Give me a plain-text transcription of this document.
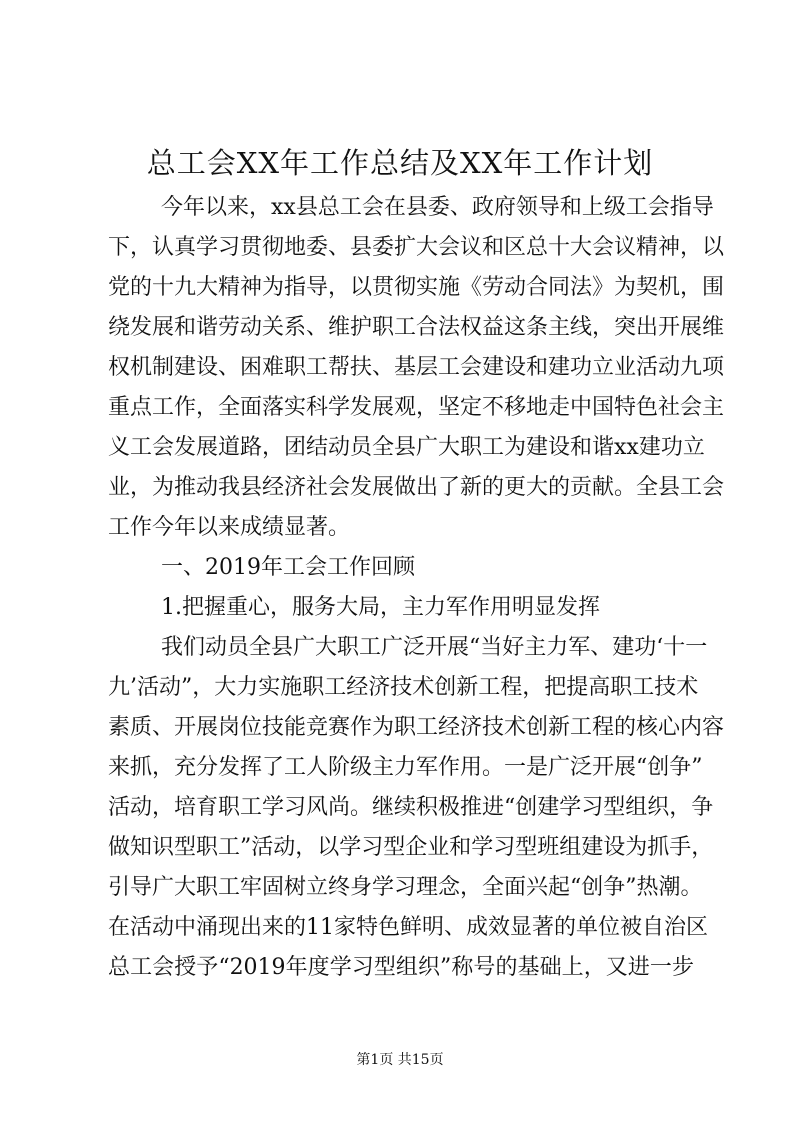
总工会XX年工作总结及XX年工作计划
今年以来，xx县总工会在县委、政府领导和上级工会指导
下，认真学习贯彻地委、县委扩大会议和区总十大会议精神，以
党的十九大精神为指导，以贯彻实施《劳动合同法》为契机，围
绕发展和谐劳动关系、维护职工合法权益这条主线，突出开展维
权机制建设、困难职工帮扶、基层工会建设和建功立业活动九项
重点工作，全面落实科学发展观，坚定不移地走中国特色社会主
义工会发展道路，团结动员全县广大职工为建设和谐xx建功立
业，为推动我县经济社会发展做出了新的更大的贡献。全县工会
工作今年以来成绩显著。
一、2019年工会工作回顾
1.把握重心，服务大局，主力军作用明显发挥
我们动员全县广大职工广泛开展“当好主力军、建功‘十一
九’活动”，大力实施职工经济技术创新工程，把提高职工技术
素质、开展岗位技能竞赛作为职工经济技术创新工程的核心内容
来抓，充分发挥了工人阶级主力军作用。一是广泛开展“创争”
活动，培育职工学习风尚。继续积极推进“创建学习型组织，争
做知识型职工”活动，以学习型企业和学习型班组建设为抓手，
引导广大职工牢固树立终身学习理念，全面兴起“创争”热潮。
在活动中涌现出来的11家特色鲜明、成效显著的单位被自治区
总工会授予“2019年度学习型组织”称号的基础上，又进一步
第1页 共15页
